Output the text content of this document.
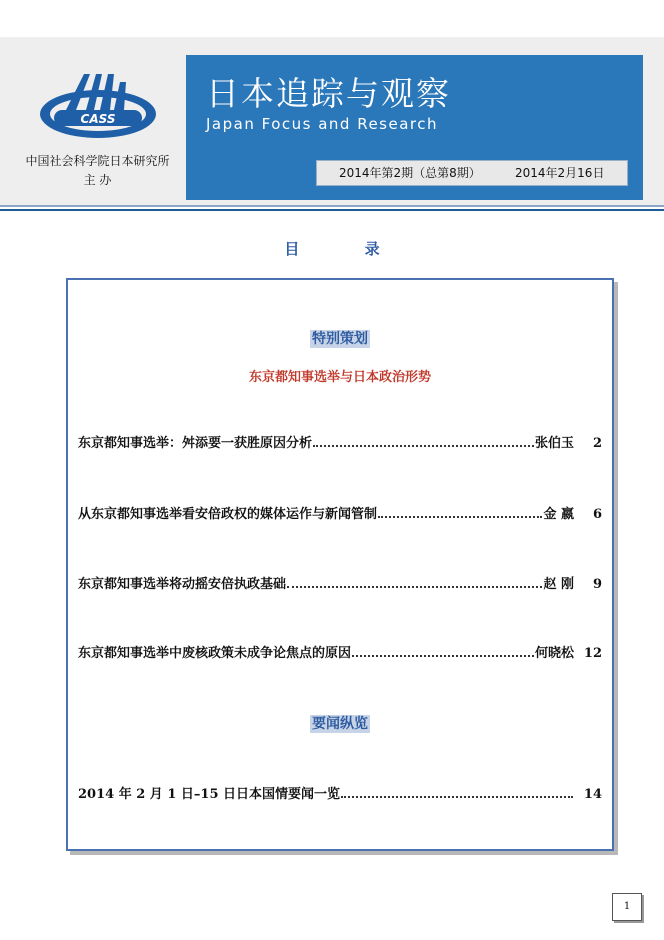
CASS
中国社会科学院日本研究所
主 办
日本追踪与观察
Japan Focus and Research
2014年第2期（总第8期）	2014年2月16日
目 录
特别策划
东京都知事选举与日本政治形势
东京都知事选举：舛添要一获胜原因分析	张伯玉	2
从东京都知事选举看安倍政权的媒体运作与新闻管制	金 嬴	6
东京都知事选举将动摇安倍执政基础	赵 刚	9
东京都知事选举中废核政策未成争论焦点的原因	何晓松 12
要闻纵览
2014 年 2 月 1 日–15 日日本国情要闻一览	14
1
